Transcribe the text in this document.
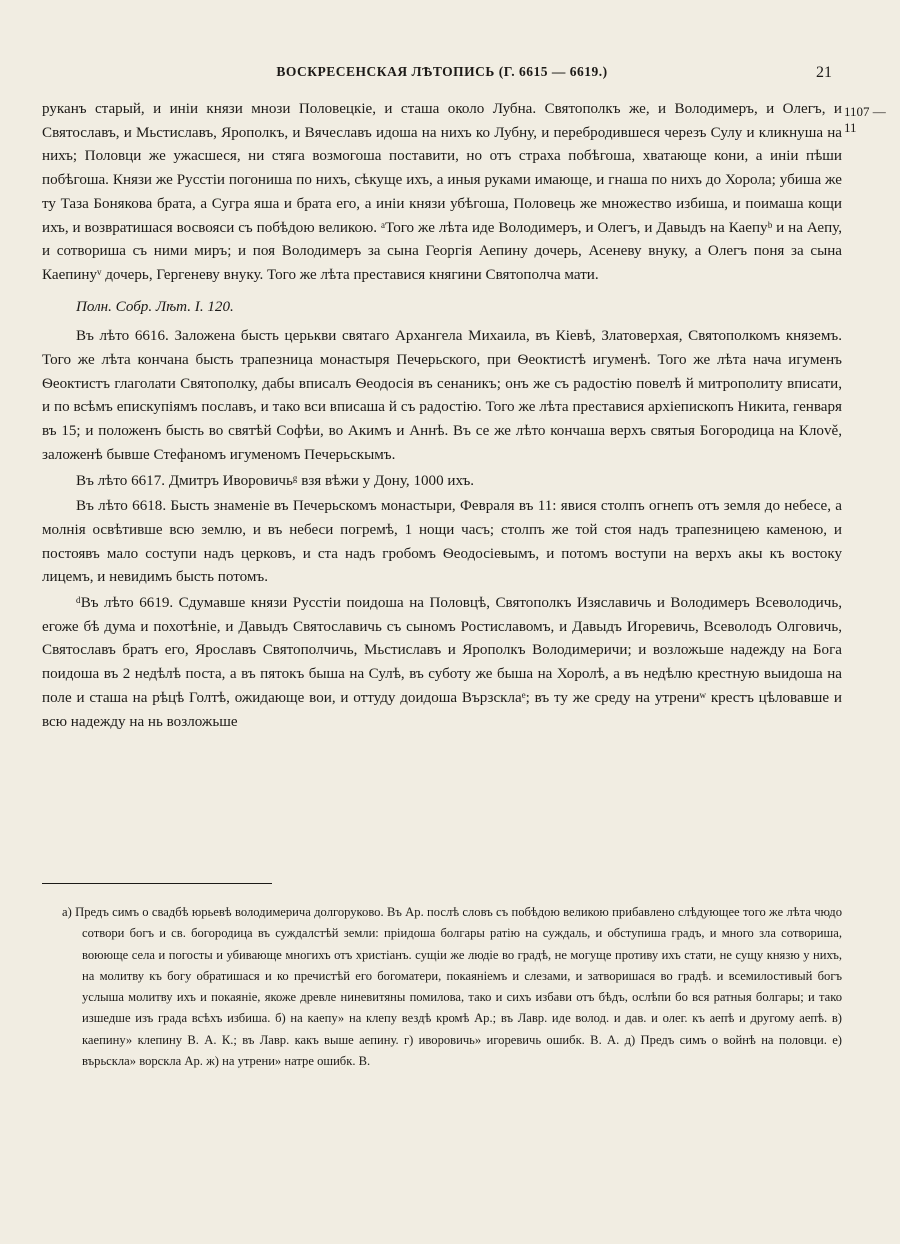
ВОСКРЕСЕНСКАЯ ЛѢТОПИСЬ (Г. 6615 — 6619.)	21
1107 —11

руканъ старый, и инiи князи мнози Половецкiе, и сташа около Лубна. Святополкъ же, и Володимеръ, и Олегъ, и Святославъ, и Мьстиславъ, Ярополкъ, и Вячеславъ идоша на нихъ ко Лубну, и перебродившеся черезъ Сулу и кликнуша на нихъ; Половци же ужасшеся, ни стяга возмогоша поставити, но отъ страха побѣгоша, хватающе кони, а инiи пѣши побѣгоша. Князи же Русстiи погониша по нихъ, сѣкуще ихъ, а иныя руками имающе, и гнаша по нихъ до Хорола; убиша же ту Таза Бонякова брата, а Сугра яша и брата его, а инiи князи убѣгоша, Половець же множество избиша, и поимаша кощи ихъ, и возвратишася восвояси съ побѣдою великою. ᵃТого же лѣта иде Володимеръ, и Олегъ, и Давыдъ на Каепуᵇ и на Аепу, и сотвориша съ ними миръ; и поя Володимеръ за сына Георгiя Аепину дочерь, Асеневу внуку, а Олегъ поня за сына Каепинуᵛ дочерь, Гергеневу внуку. Того же лѣта преставися княгини Святополча мати.

Полн. Собр. Лѣт. I. 120.

Въ лѣто 6616. Заложена бысть церькви святаго Архангела Михаила, въ Кiевѣ, Златоверхая, Святополкомъ княземъ. Того же лѣта кончана бысть трапезница монастыря Печерьского, при Ѳеоктистѣ игуменѣ. Того же лѣта нача игуменъ Ѳеоктистъ глаголати Святополку, дабы вписалъ Ѳеодосiя въ сенаникъ; онъ же съ радостiю повелѣ й митрополиту вписати, и по всѣмъ епискупiямъ пославъ, и тако вси вписаша й съ радостiю. Того же лѣта преставися архiепископъ Никита, генваря въ 15; и положенъ бысть во святѣй Софѣи, во Акимъ и Аннѣ. Въ се же лѣто кончаша верхъ святыя Богородица на Клově, заложенѣ бывше Стефаномъ игуменомъ Печерьскымъ.

Въ лѣто 6617. Дмитръ Иворовичьᵍ взя вѣжи у Дону, 1000 ихъ.

Въ лѣто 6618. Бысть знаменiе въ Печерьскомъ монастыри, Февраля въ 11: явися столпъ огнепъ отъ земля до небесе, а молнiя освѣтивше всю землю, и въ небеси погремѣ, 1 нощи часъ; столпъ же той стоя надъ трапезницею каменою, и постоявъ мало соступи надъ церковъ, и ста надъ гробомъ Ѳеодосiевымъ, и потомъ воступи на верхъ акы къ востоку лицемъ, и невидимъ бысть потомъ.

ᵈВъ лѣто 6619. Сдумавше князи Русстiи поидоша на Половцѣ, Святополкъ Изяславичь и Володимеръ Всеволодичь, егоже бѣ дума и похотѣнiе, и Давыдъ Святославичь съ сыномъ Ростиславомъ, и Давыдъ Игоревичь, Всеволодъ Олговичь, Святославъ братъ его, Ярославъ Святополчичь, Мьстиславъ и Ярополкъ Володимеричи; и возложьше надежду на Бога поидоша въ 2 недѣлѣ поста, а въ пятокъ быша на Сулѣ, въ суботу же быша на Хоролѣ, а въ недѣлю крестную выидоша на поле и сташа на рѣцѣ Голтѣ, ожидающе вои, и оттуду доидоша Вързсклаᵉ; въ ту же среду на утрениʷ крестъ цѣловавше и всю надежду на нь возложьше

а) Предъ симъ о свадбѣ юрьевѣ володимерича долгоруково. Въ Ар. послѣ словъ съ побѣдою великою прибавлено слѣдующее того же лѣта чюдо сотвори богъ и св. богородица въ суждалстѣй земли: прiидоша болгары ратiю на суждаль, и обступиша градъ, и много зла сотвориша, воюющe села и погосты и убивающе многихъ отъ христiанъ. сущiи же людiе во градѣ, не могуще противу ихъ стати, не сущу князю у нихъ, на молитву къ богу обратишася и ко пречистѣй его богоматери, покаянiемъ и слезами, и затворишася во градѣ. и всемилостивый богъ услыша молитву ихъ и покаянiе, якоже древле ниневитяны помилова, тако и сихъ избави отъ бѣдъ, ослѣпи бо вся ратныя болгары; и тако изшедше изъ града всѣхъ избиша. б) на каепу» на клепу вездѣ кромѣ Ар.; въ Лавр. иде волод. и дав. и олег. къ аепѣ и другому аепѣ. в) каепину» клепину В. А. К.; въ Лавр. какъ выше аепину. г) иворовичь» игоревичь ошибк. В. А. д) Предъ симъ о войнѣ на половци. е) върьскла» ворскла Ар. ж) на утрени» натре ошибк. В.
